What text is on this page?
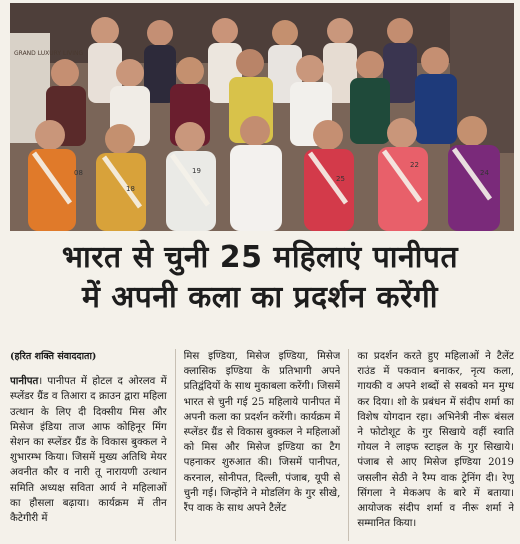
GRAND LUXURY LIVING
08
18
19
25
22
24
भारत से चुनी 25 महिलाएं पानीपत
में अपनी कला का प्रदर्शन करेंगी
(हरित शक्ति संवाददाता)
पानीपत। पानीपत में होटल द ओरलव में स्प्लेंडर ग्रैंड व तिआरा द क्राउन द्वारा महिला उत्थान के लिए दी दिक्सीय मिस और मिसेज इंडिया ताज आफ कोहिनूर मिंग सेशन का स्प्लेंडर ग्रैंड के विकास बुक्कल ने शुभारम्भ किया। जिसमें मुख्य अतिथि मेयर अवनीत कौर व नारी तू नारायणी उत्थान समिति अध्यक्ष सविता आर्य ने महिलाओं का हौसला बढ़ाया। कार्यक्रम में तीन कैटेगीरी में
मिस इण्डिया, मिसेज इण्डिया, मिसेज क्लासिक इण्डिया के प्रतिभागी अपने प्रतिद्वंदियों के साथ मुकाबला करेंगी। जिसमें भारत से चुनी गई 25 महिलाये पानीपत में अपनी कला का प्रदर्शन करेंगी। कार्यक्रम में स्प्लेंडर ग्रैंड से विकास बुक्कल ने महिलाओं को मिस और मिसेज इण्डिया का टैग पहनाकर शुरुआत की। जिसमें पानीपत, करनाल, सोनीपत, दिल्ली, पंजाब, यूपी से चुनी गई। जिन्होंने ने मोडलिंग के गुर सीखे, रैंप वाक के साथ अपने टैलेंट
का प्रदर्शन करते हुए महिलाओं ने टैलेंट राउंड में पकवान बनाकर, नृत्य कला, गायकी व अपने शब्दों से सबको मन मुग्ध कर दिया। शो के प्रबंधन में संदीप शर्मा का विशेष योगदान रहा। अभिनेत्री नीरू बंसल ने फोटोशूट के गुर सिखाये वहीं स्वाति गोयल ने लाइफ स्टाइल के गुर सिखाये। पंजाब से आए मिसेज इण्डिया 2019 जसलीन सेठी ने रैम्प वाक ट्रेनिंग दी। रेणु सिंगला ने मेकअप के बारे में बताया। आयोजक संदीप शर्मा व नीरू शर्मा ने सम्मानित किया।
